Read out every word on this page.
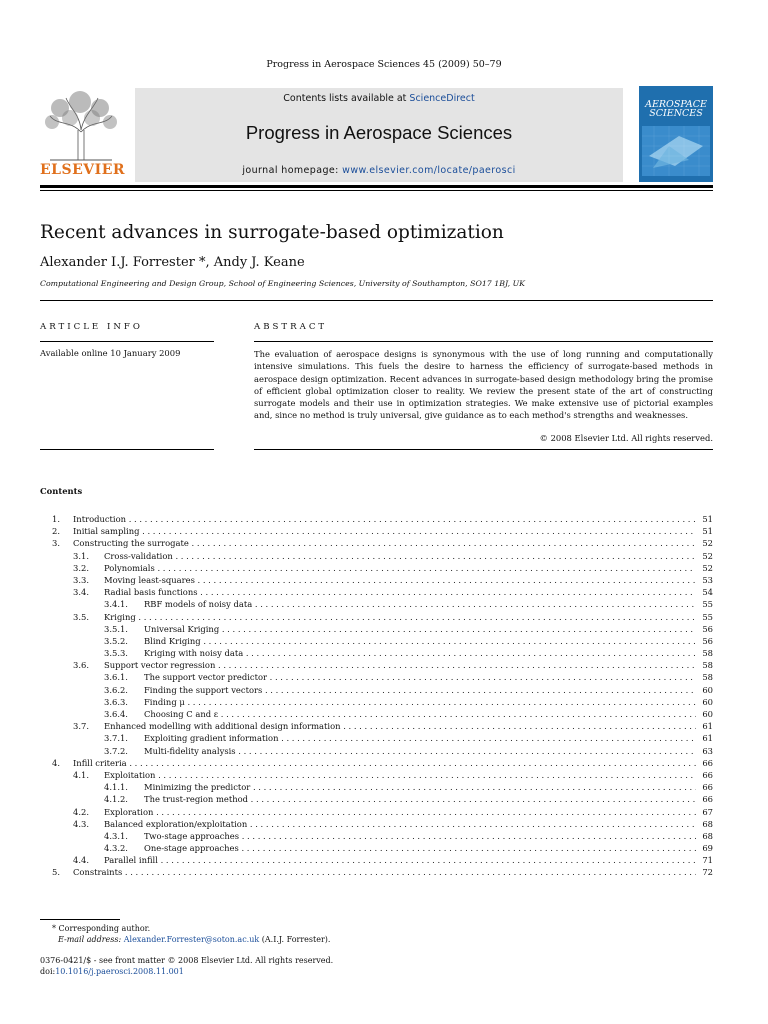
Progress in Aerospace Sciences 45 (2009) 50–79
ELSEVIER
Contents lists available at ScienceDirect
Progress in Aerospace Sciences
journal homepage: www.elsevier.com/locate/paerosci
AEROSPACE
SCIENCES
Recent advances in surrogate-based optimization
Alexander I.J. Forrester *, Andy J. Keane
Computational Engineering and Design Group, School of Engineering Sciences, University of Southampton, SO17 1BJ, UK
ARTICLE INFO
Available online 10 January 2009
ABSTRACT
The evaluation of aerospace designs is synonymous with the use of long running and computationally intensive simulations. This fuels the desire to harness the efficiency of surrogate-based methods in aerospace design optimization. Recent advances in surrogate-based design methodology bring the promise of efficient global optimization closer to reality. We review the present state of the art of constructing surrogate models and their use in optimization strategies. We make extensive use of pictorial examples and, since no method is truly universal, give guidance as to each method's strengths and weaknesses.
© 2008 Elsevier Ltd. All rights reserved.
Contents
1. Introduction . . .	51
2. Initial sampling . . .	51
3. Constructing the surrogate . . .	52
3.1.	Cross-validation . . .	52
3.2.	Polynomials . . .	52
3.3.	Moving least-squares . . .	53
3.4.	Radial basis functions . . .	54
3.4.1.	RBF models of noisy data . . .	55
3.5.	Kriging . . .	55
3.5.1.	Universal Kriging . . .	56
3.5.2.	Blind Kriging . . .	56
3.5.3.	Kriging with noisy data . . .	58
3.6.	Support vector regression . . .	58
3.6.1.	The support vector predictor . . .	58
3.6.2.	Finding the support vectors . . .	60
3.6.3.	Finding μ . . .	60
3.6.4.	Choosing C and ε . . .	60
3.7.	Enhanced modelling with additional design information . . .	61
3.7.1.	Exploiting gradient information . . .	61
3.7.2.	Multi-fidelity analysis . . .	63
4. Infill criteria . . .	66
4.1.	Exploitation . . .	66
4.1.1.	Minimizing the predictor . . .	66
4.1.2.	The trust-region method . . .	66
4.2.	Exploration . . .	67
4.3.	Balanced exploration/exploitation . . .	68
4.3.1.	Two-stage approaches . . .	68
4.3.2.	One-stage approaches . . .	69
4.4.	Parallel infill . . .	71
5. Constraints . . .	72
* Corresponding author.
E-mail address: Alexander.Forrester@soton.ac.uk (A.I.J. Forrester).
0376-0421/$ - see front matter © 2008 Elsevier Ltd. All rights reserved.
doi:10.1016/j.paerosci.2008.11.001
